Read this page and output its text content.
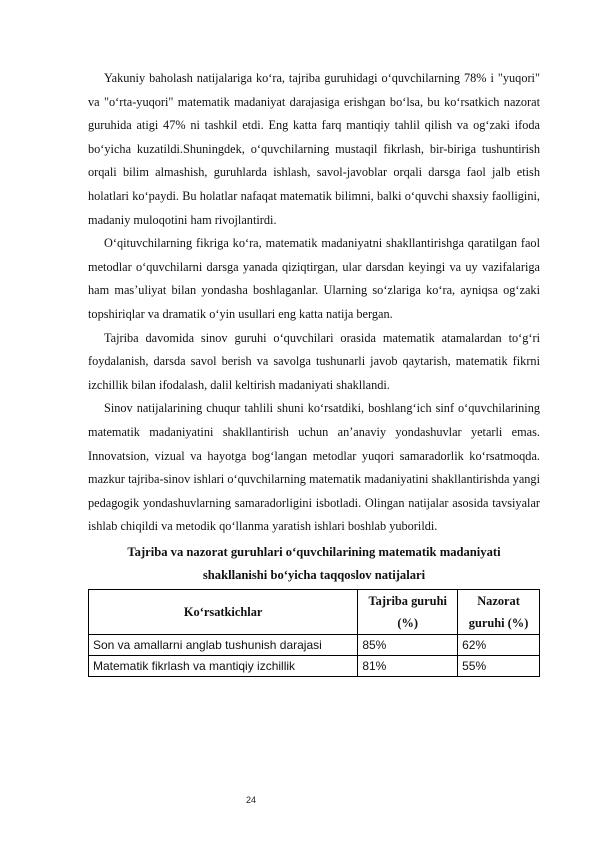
Yakuniy baholash natijalariga ko‘ra, tajriba guruhidagi o‘quvchilarning 78% i "yuqori" va "o‘rta-yuqori" matematik madaniyat darajasiga erishgan bo‘lsa, bu ko‘rsatkich nazorat guruhida atigi 47% ni tashkil etdi. Eng katta farq mantiqiy tahlil qilish va og‘zaki ifoda bo‘yicha kuzatildi.Shuningdek, o‘quvchilarning mustaqil fikrlash, bir-biriga tushuntirish orqali bilim almashish, guruhlarda ishlash, savol-javoblar orqali darsga faol jalb etish holatlari ko‘paydi. Bu holatlar nafaqat matematik bilimni, balki o‘quvchi shaxsiy faolligini, madaniy muloqotini ham rivojlantirdi.

O‘qituvchilarning fikriga ko‘ra, matematik madaniyatni shakllantirishga qaratilgan faol metodlar o‘quvchilarni darsga yanada qiziqtirgan, ular darsdan keyingi va uy vazifalariga ham mas’uliyat bilan yondasha boshlaganlar. Ularning so‘zlariga ko‘ra, ayniqsa og‘zaki topshiriqlar va dramatik o‘yin usullari eng katta natija bergan.

Tajriba davomida sinov guruhi o‘quvchilari orasida matematik atamalardan to‘g‘ri foydalanish, darsda savol berish va savolga tushunarli javob qaytarish, matematik fikrni izchillik bilan ifodalash, dalil keltirish madaniyati shakllandi.

Sinov natijalarining chuqur tahlili shuni ko‘rsatdiki, boshlang‘ich sinf o‘quvchilarining matematik madaniyatini shakllantirish uchun an’anaviy yondashuvlar yetarli emas. Innovatsion, vizual va hayotga bog‘langan metodlar yuqori samaradorlik ko‘rsatmoqda. mazkur tajriba-sinov ishlari o‘quvchilarning matematik madaniyatini shakllantirishda yangi pedagogik yondashuvlarning samaradorligini isbotladi. Olingan natijalar asosida tavsiyalar ishlab chiqildi va metodik qo‘llanma yaratish ishlari boshlab yuborildi.

Tajriba va nazorat guruhlari o‘quvchilarining matematik madaniyati shakllanishi bo‘yicha taqqoslov natijalari

Ko‘rsatkichlar	Tajriba guruhi (%)	Nazorat guruhi (%)
Son va amallarni anglab tushunish darajasi	85%	62%
Matematik fikrlash va mantiqiy izchillik	81%	55%
24
